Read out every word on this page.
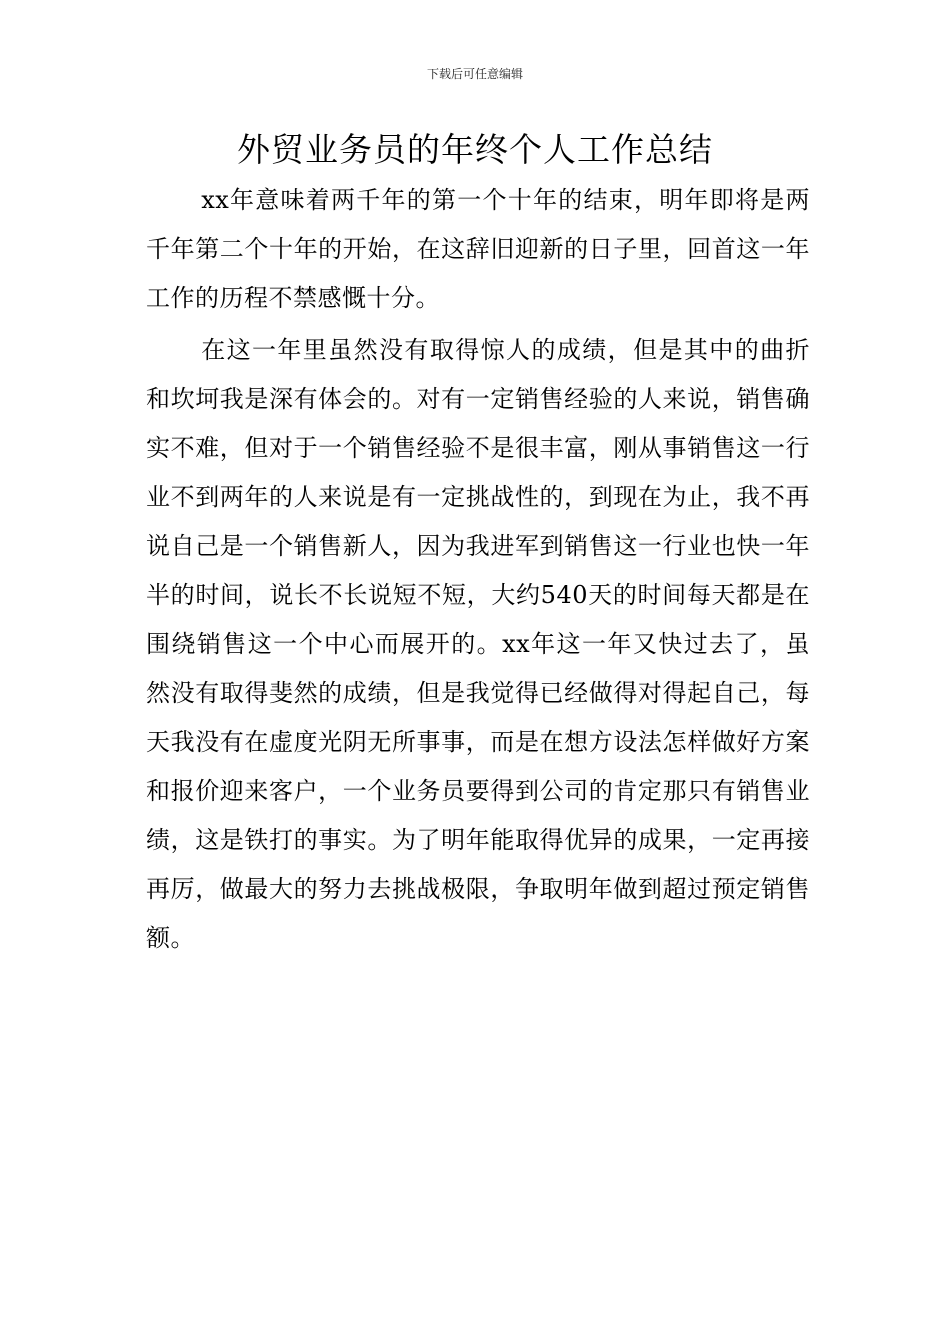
下载后可任意编辑
外贸业务员的年终个人工作总结

xx年意味着两千年的第一个十年的结束，明年即将是两千年第二个十年的开始，在这辞旧迎新的日子里，回首这一年工作的历程不禁感慨十分。

在这一年里虽然没有取得惊人的成绩，但是其中的曲折和坎坷我是深有体会的。对有一定销售经验的人来说，销售确实不难，但对于一个销售经验不是很丰富，刚从事销售这一行业不到两年的人来说是有一定挑战性的，到现在为止，我不再说自己是一个销售新人，因为我进军到销售这一行业也快一年半的时间，说长不长说短不短，大约540天的时间每天都是在围绕销售这一个中心而展开的。xx年这一年又快过去了，虽然没有取得斐然的成绩，但是我觉得已经做得对得起自己，每天我没有在虚度光阴无所事事，而是在想方设法怎样做好方案和报价迎来客户，一个业务员要得到公司的肯定那只有销售业绩，这是铁打的事实。为了明年能取得优异的成果，一定再接再厉，做最大的努力去挑战极限，争取明年做到超过预定销售额。
